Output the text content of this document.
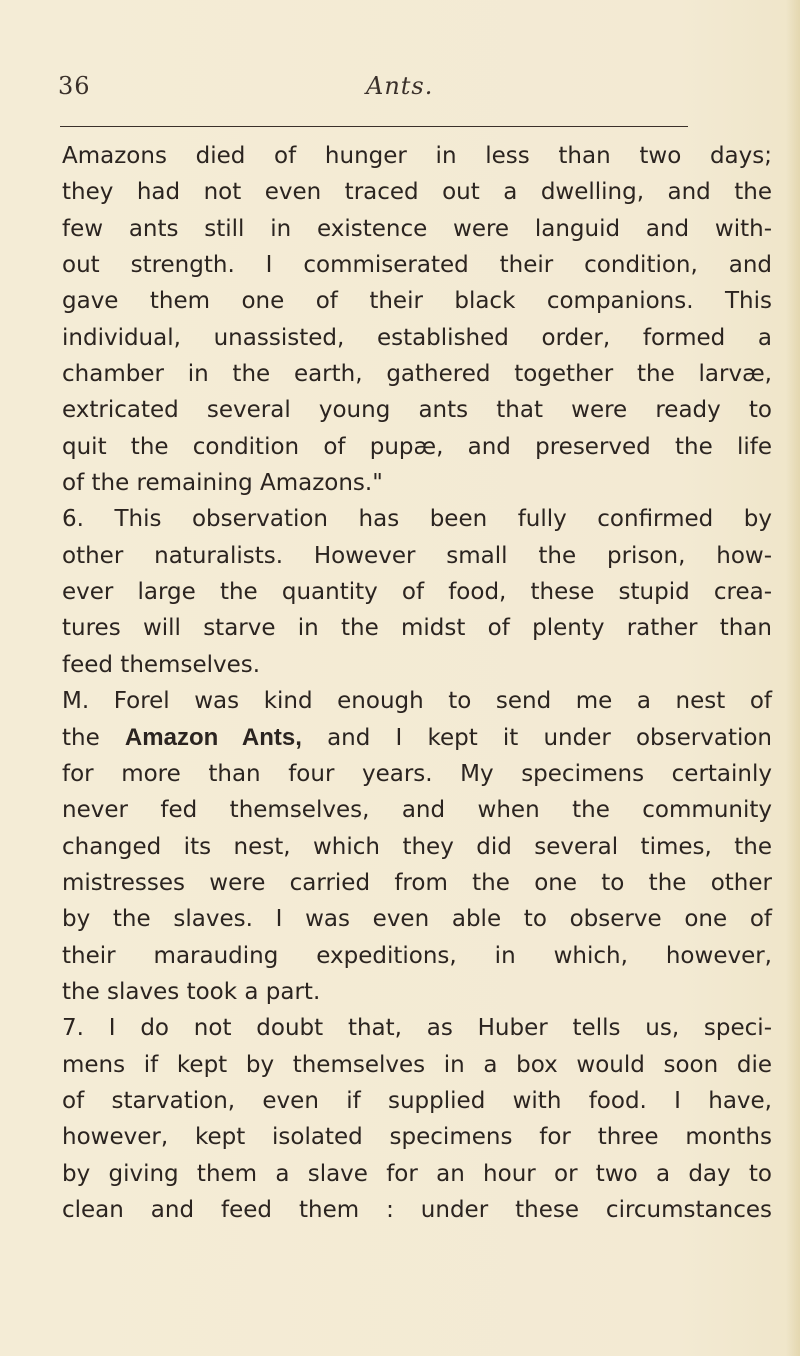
36	Ants.
Amazons died of hunger in less than two days;
they had not even traced out a dwelling, and the
few ants still in existence were languid and with-
out strength. I commiserated their condition, and
gave them one of their black companions. This
individual, unassisted, established order, formed a
chamber in the earth, gathered together the larvæ,
extricated several young ants that were ready to
quit the condition of pupæ, and preserved the life
of the remaining Amazons."
6. This observation has been fully confirmed by
other naturalists. However small the prison, how-
ever large the quantity of food, these stupid crea-
tures will starve in the midst of plenty rather than
feed themselves.
M. Forel was kind enough to send me a nest of
the Amazon Ants, and I kept it under observation
for more than four years. My specimens certainly
never fed themselves, and when the community
changed its nest, which they did several times, the
mistresses were carried from the one to the other
by the slaves. I was even able to observe one of
their marauding expeditions, in which, however,
the slaves took a part.
7. I do not doubt that, as Huber tells us, speci-
mens if kept by themselves in a box would soon die
of starvation, even if supplied with food. I have,
however, kept isolated specimens for three months
by giving them a slave for an hour or two a day to
clean and feed them : under these circumstances
